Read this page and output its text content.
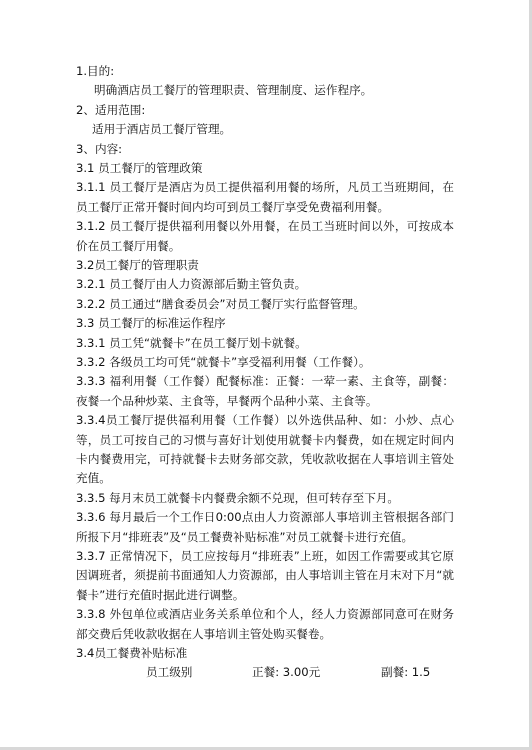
1.目的:
明确酒店员工餐厅的管理职责、管理制度、运作程序。
2、适用范围:
适用于酒店员工餐厅管理。
3、内容:
3.1 员工餐厅的管理政策

3.1.1 员工餐厅是酒店为员工提供福利用餐的场所，凡员工当班期间，在员工餐厅正常开餐时间内均可到员工餐厅享受免费福利用餐。

3.1.2 员工餐厅提供福利用餐以外用餐，在员工当班时间以外，可按成本价在员工餐厅用餐。

3.2员工餐厅的管理职责
3.2.1 员工餐厅由人力资源部后勤主管负责。
3.2.2 员工通过“膳食委员会”对员工餐厅实行监督管理。
3.3 员工餐厅的标准运作程序
3.3.1 员工凭“就餐卡”在员工餐厅划卡就餐。
3.3.2 各级员工均可凭“就餐卡”享受福利用餐（工作餐）。

3.3.3 福利用餐（工作餐）配餐标准：正餐：一荤一素、主食等，副餐：夜餐一个品种炒菜、主食等，早餐两个品种小菜、主食等。

3.3.4员工餐厅提供福利用餐（工作餐）以外选供品种、如：小炒、点心等，员工可按自己的习惯与喜好计划使用就餐卡内餐费，如在规定时间内卡内餐费用完，可持就餐卡去财务部交款，凭收款收据在人事培训主管处充值。

3.3.5 每月末员工就餐卡内餐费余额不兑现，但可转存至下月。

3.3.6 每月最后一个工作日0:00点由人力资源部人事培训主管根据各部门所报下月“排班表”及“员工餐费补贴标准”对员工就餐卡进行充值。

3.3.7 正常情况下，员工应按每月“排班表”上班，如因工作需要或其它原因调班者，须提前书面通知人力资源部，由人事培训主管在月末对下月“就餐卡”进行充值时据此进行调整。

3.3.8 外包单位或酒店业务关系单位和个人，经人力资源部同意可在财务部交费后凭收款收据在人事培训主管处购买餐卷。

3.4员工餐费补贴标准
员工级别	正餐: 3.00元	副餐: 1.5
